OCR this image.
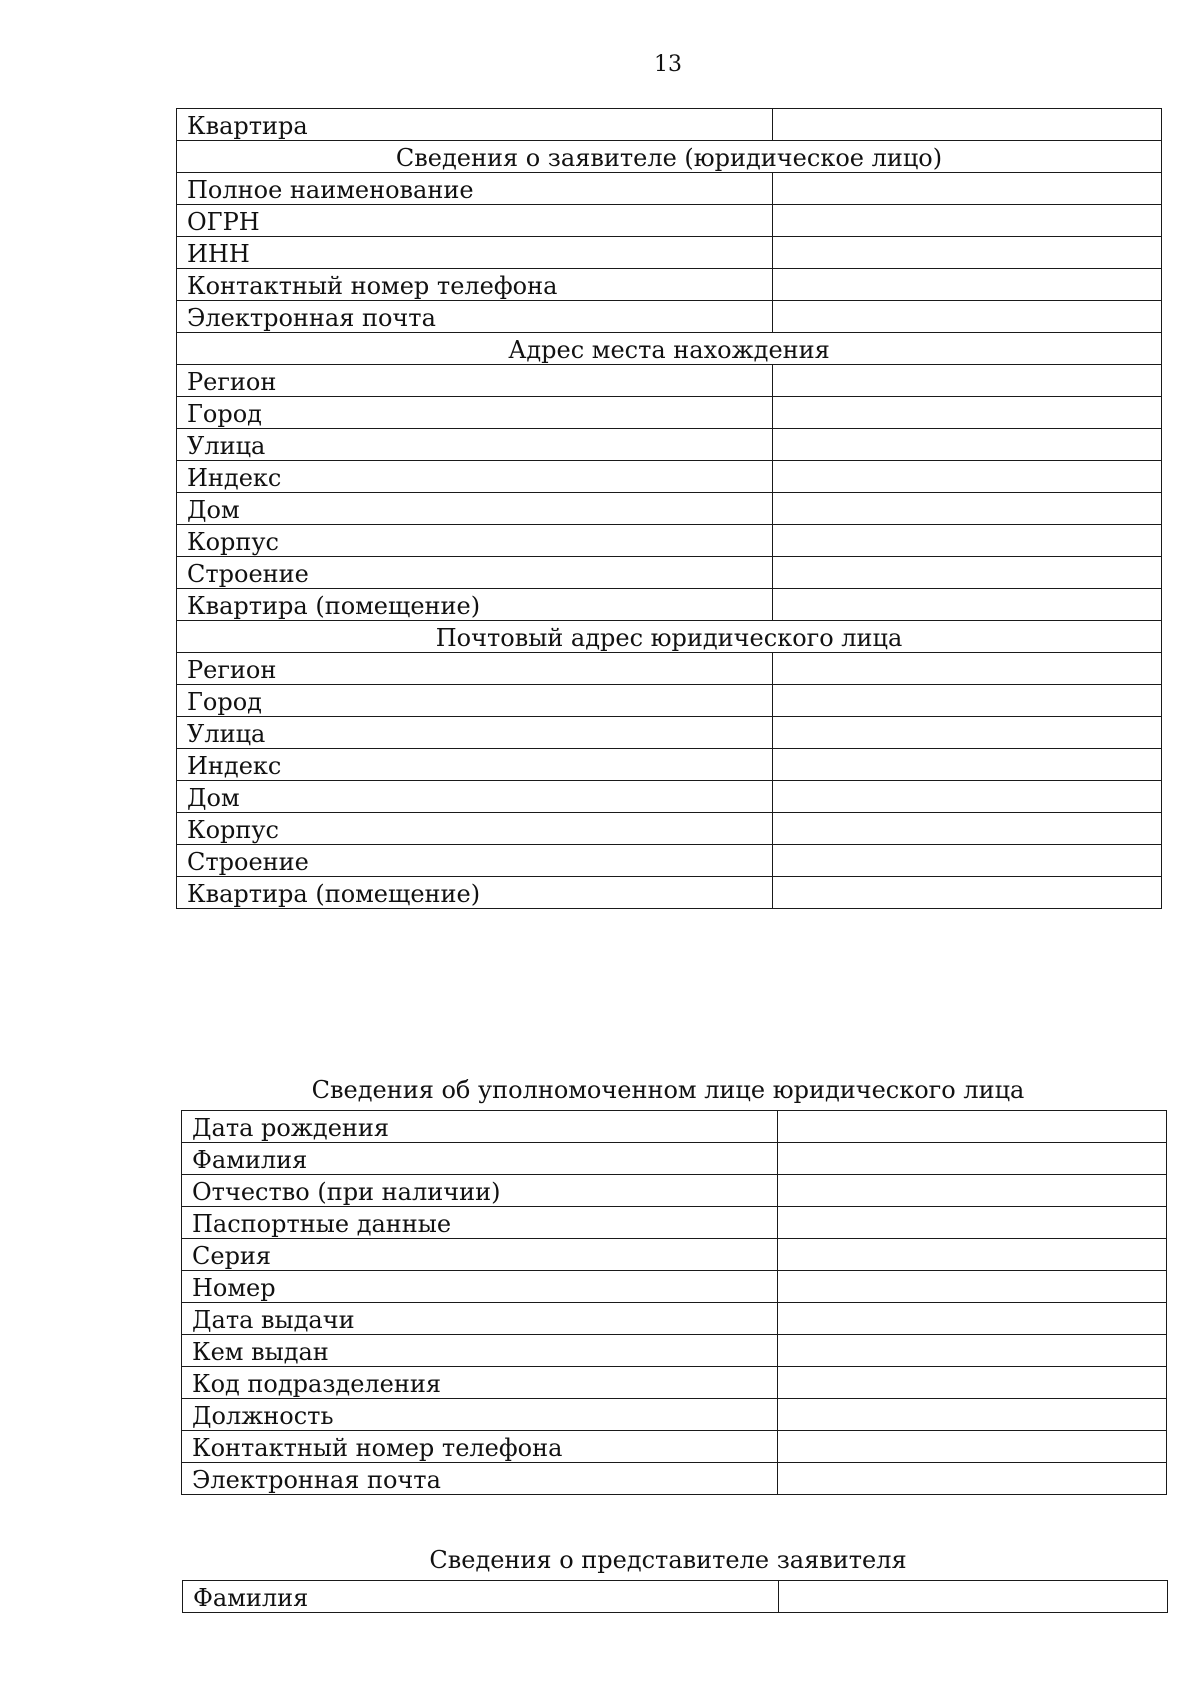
13
Квартира	
Сведения о заявителе (юридическое лицо)	
Полное наименование	
ОГРН	
ИНН	
Контактный номер телефона	
Электронная почта	
Адрес места нахождения	
Регион	
Город	
Улица	
Индекс	
Дом	
Корпус	
Строение	
Квартира (помещение)	
Почтовый адрес юридического лица	
Регион	
Город	
Улица	
Индекс	
Дом	
Корпус	
Строение	
Квартира (помещение)	
Сведения об уполномоченном лице юридического лица
Дата рождения	
Фамилия	
Отчество (при наличии)	
Паспортные данные	
Серия	
Номер	
Дата выдачи	
Кем выдан	
Код подразделения	
Должность	
Контактный номер телефона	
Электронная почта	
Сведения о представителе заявителя
Фамилия	
